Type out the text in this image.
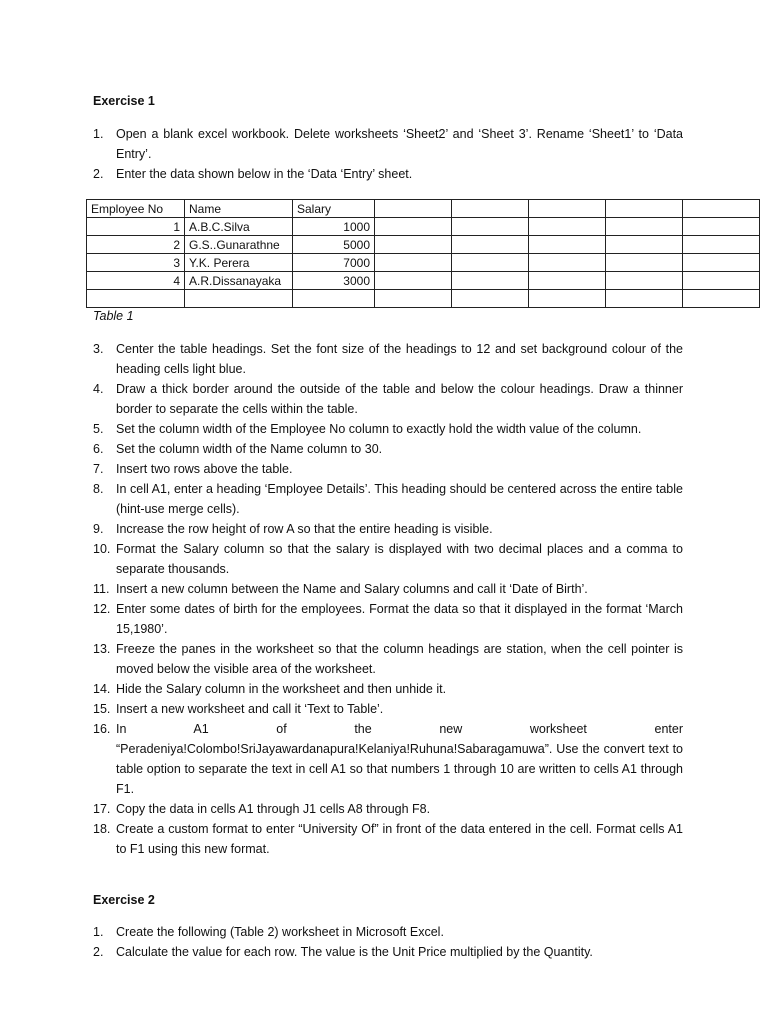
Exercise 1
1.	Open a blank excel workbook. Delete worksheets ‘Sheet2’ and ‘Sheet 3’. Rename ‘Sheet1’ to ‘Data Entry’.
2.	Enter the data shown below in the ‘Data ‘Entry’ sheet.
Employee No	Name	Salary					
1	A.B.C.Silva	1000					
2	G.S..Gunarathne	5000					
3	Y.K. Perera	7000					
4	A.R.Dissanayaka	3000					

Table 1
3.	Center the table headings. Set the font size of the headings to 12 and set background colour of the heading cells light blue.
4.	Draw a thick border around the outside of the table and below the colour headings. Draw a thinner border to separate the cells within the table.
5.	Set the column width of the Employee No column to exactly hold the width value of the column.
6.	Set the column width of the Name column to 30.
7.	Insert two rows above the table.
8.	In cell A1, enter a heading ‘Employee Details’. This heading should be centered across the entire table (hint-use merge cells).
9.	Increase the row height of row A so that the entire heading is visible.
10. Format the Salary column so that the salary is displayed with two decimal places and a comma to separate thousands.
11. Insert a new column between the Name and Salary columns and call it ‘Date of Birth’.
12. Enter some dates of birth for the employees. Format the data so that it displayed in the format ‘March 15,1980’.
13. Freeze the panes in the worksheet so that the column headings are station, when the cell pointer is moved below the visible area of the worksheet.
14. Hide the Salary column in the worksheet and then unhide it.
15. Insert a new worksheet and call it ‘Text to Table’.
16. In A1 of the new worksheet enter “Peradeniya!Colombo!SriJayawardanapura!Kelaniya!Ruhuna!Sabaragamuwa”. Use the convert text to table option to separate the text in cell A1 so that numbers 1 through 10 are written to cells A1 through F1.
17. Copy the data in cells A1 through J1 cells A8 through F8.
18. Create a custom format to enter “University Of” in front of the data entered in the cell. Format cells A1 to F1 using this new format.
Exercise 2
1.	Create the following (Table 2) worksheet in Microsoft Excel.
2.	Calculate the value for each row. The value is the Unit Price multiplied by the Quantity.
